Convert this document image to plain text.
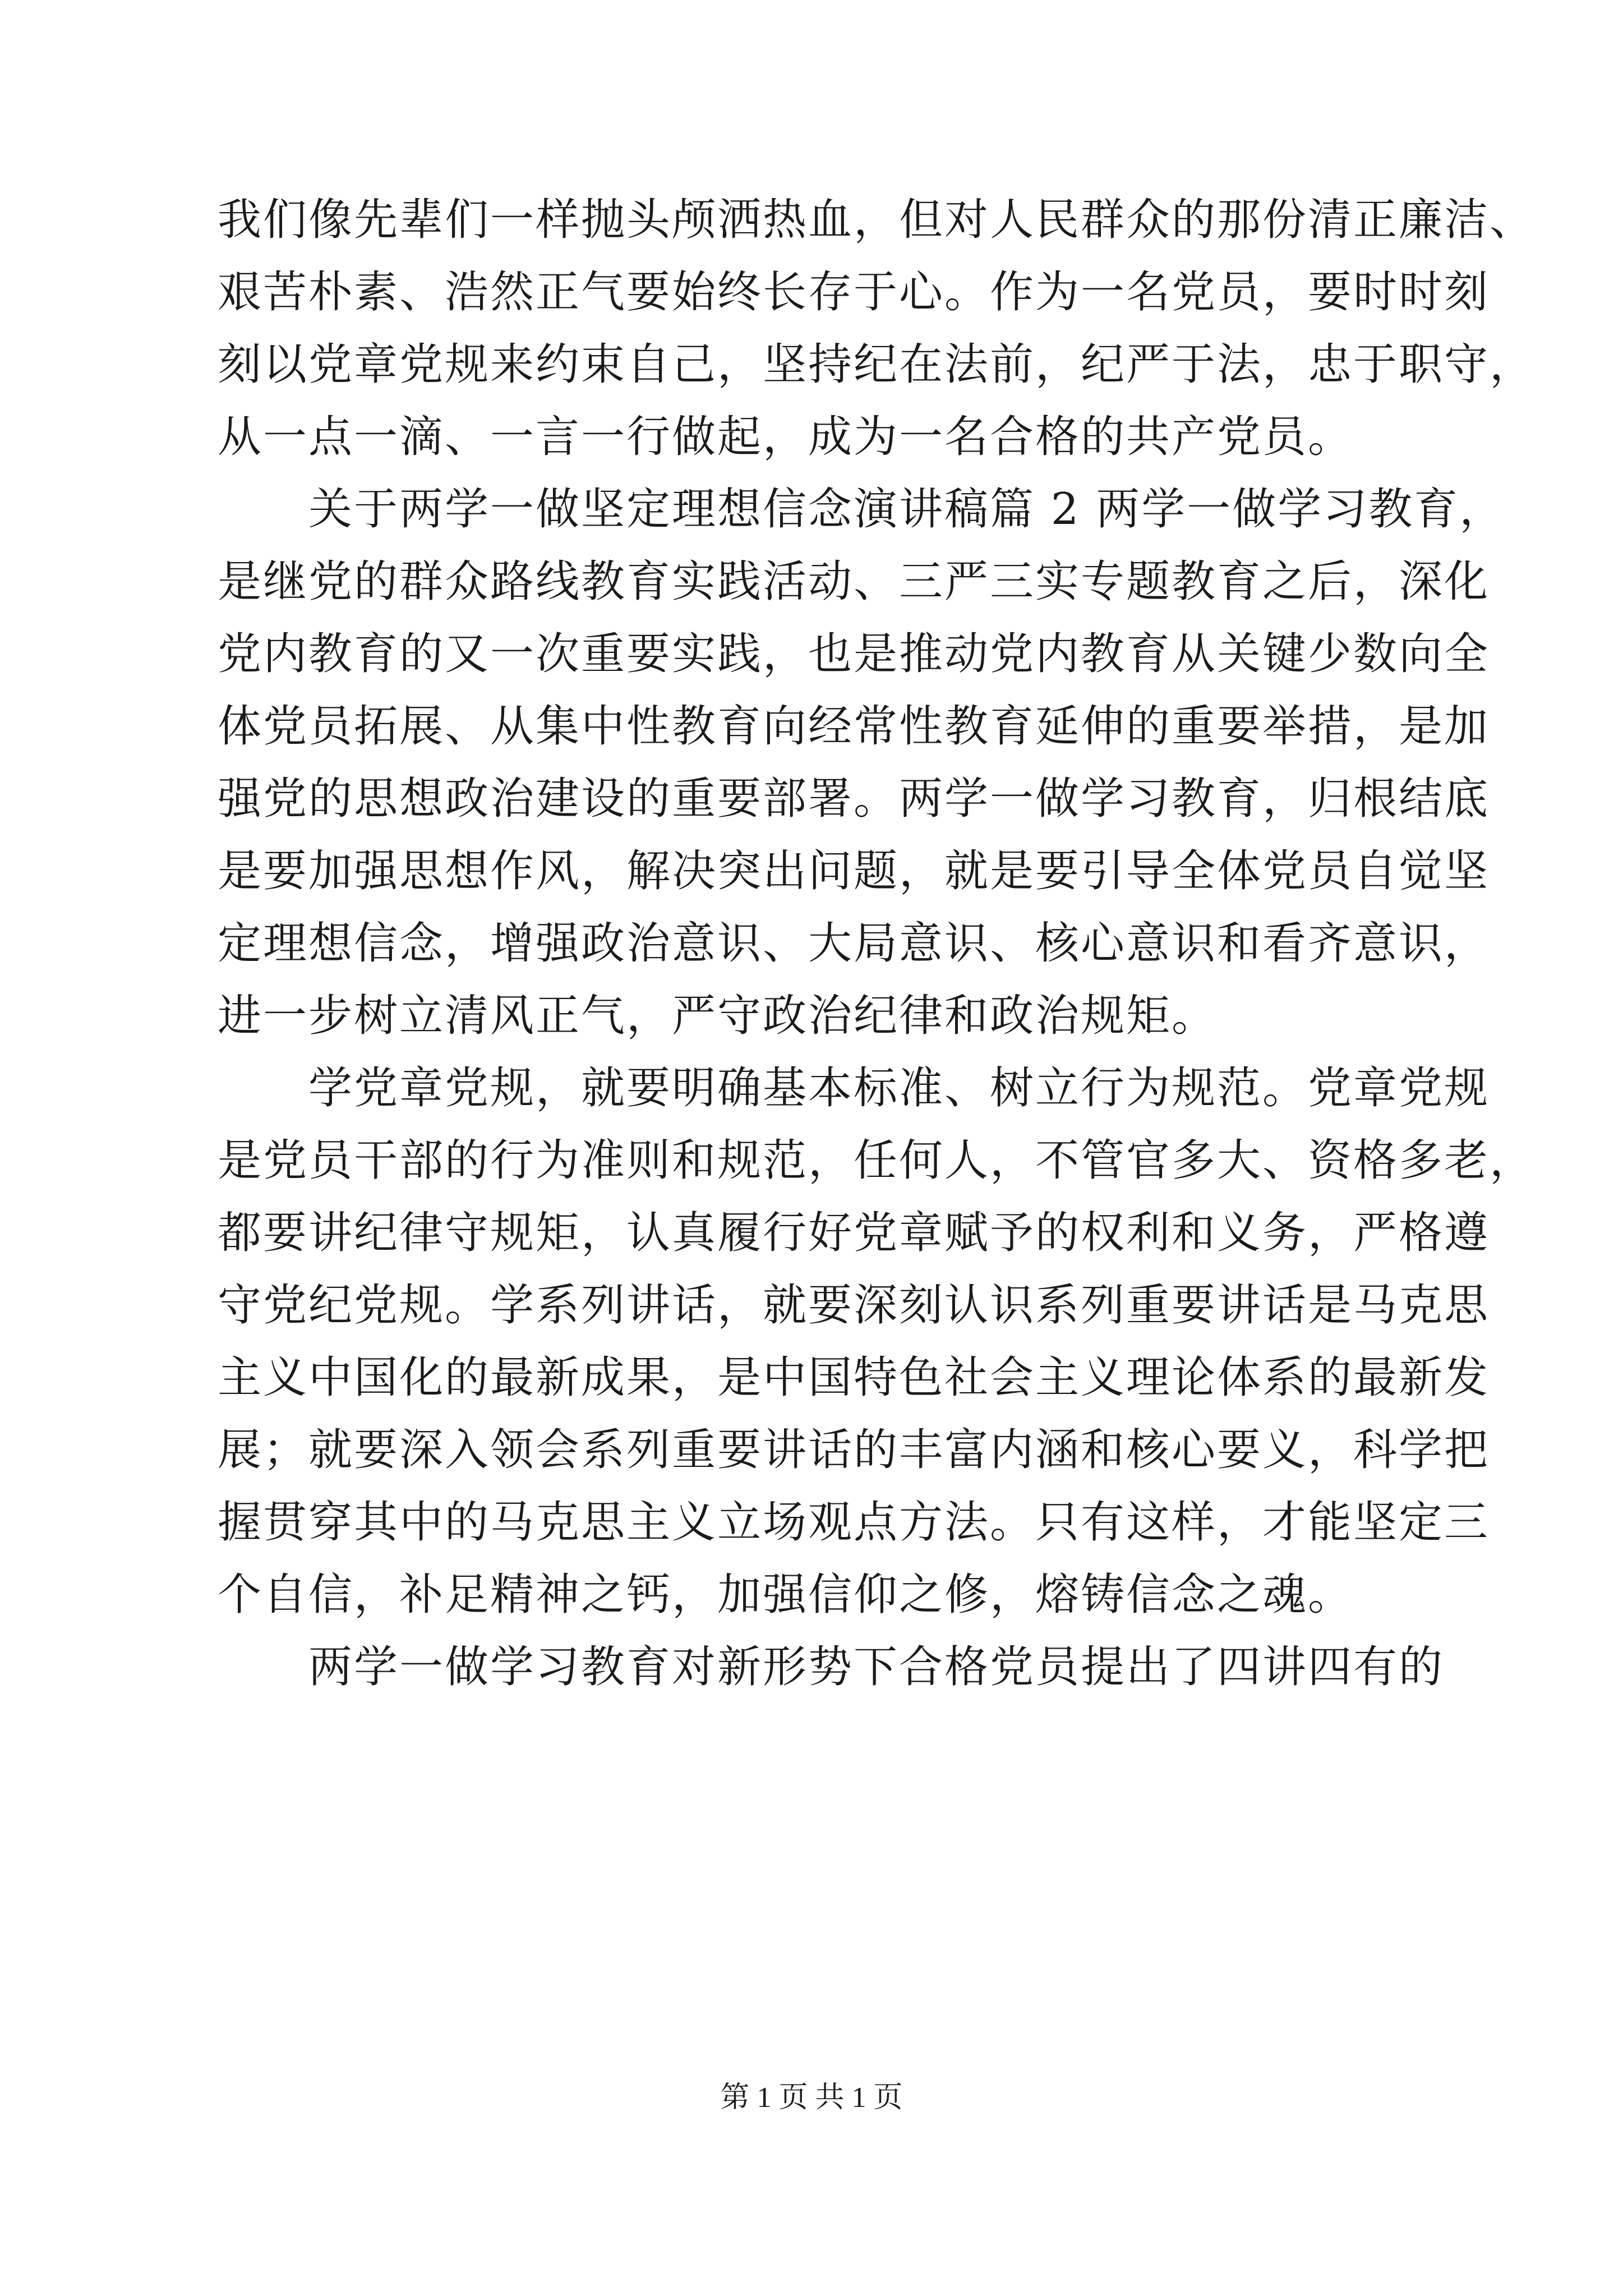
我们像先辈们一样抛头颅洒热血，但对人民群众的那份清正廉洁、
艰苦朴素、浩然正气要始终长存于心。作为一名党员，要时时刻
刻以党章党规来约束自己，坚持纪在法前，纪严于法，忠于职守，
从一点一滴、一言一行做起，成为一名合格的共产党员。
　　关于两学一做坚定理想信念演讲稿篇 2 两学一做学习教育，
是继党的群众路线教育实践活动、三严三实专题教育之后，深化
党内教育的又一次重要实践，也是推动党内教育从关键少数向全
体党员拓展、从集中性教育向经常性教育延伸的重要举措，是加
强党的思想政治建设的重要部署。两学一做学习教育，归根结底
是要加强思想作风，解决突出问题，就是要引导全体党员自觉坚
定理想信念，增强政治意识、大局意识、核心意识和看齐意识，
进一步树立清风正气，严守政治纪律和政治规矩。
　　学党章党规，就要明确基本标准、树立行为规范。党章党规
是党员干部的行为准则和规范，任何人，不管官多大、资格多老，
都要讲纪律守规矩，认真履行好党章赋予的权利和义务，严格遵
守党纪党规。学系列讲话，就要深刻认识系列重要讲话是马克思
主义中国化的最新成果，是中国特色社会主义理论体系的最新发
展；就要深入领会系列重要讲话的丰富内涵和核心要义，科学把
握贯穿其中的马克思主义立场观点方法。只有这样，才能坚定三
个自信，补足精神之钙，加强信仰之修，熔铸信念之魂。
　　两学一做学习教育对新形势下合格党员提出了四讲四有的
第 1 页 共 1 页
